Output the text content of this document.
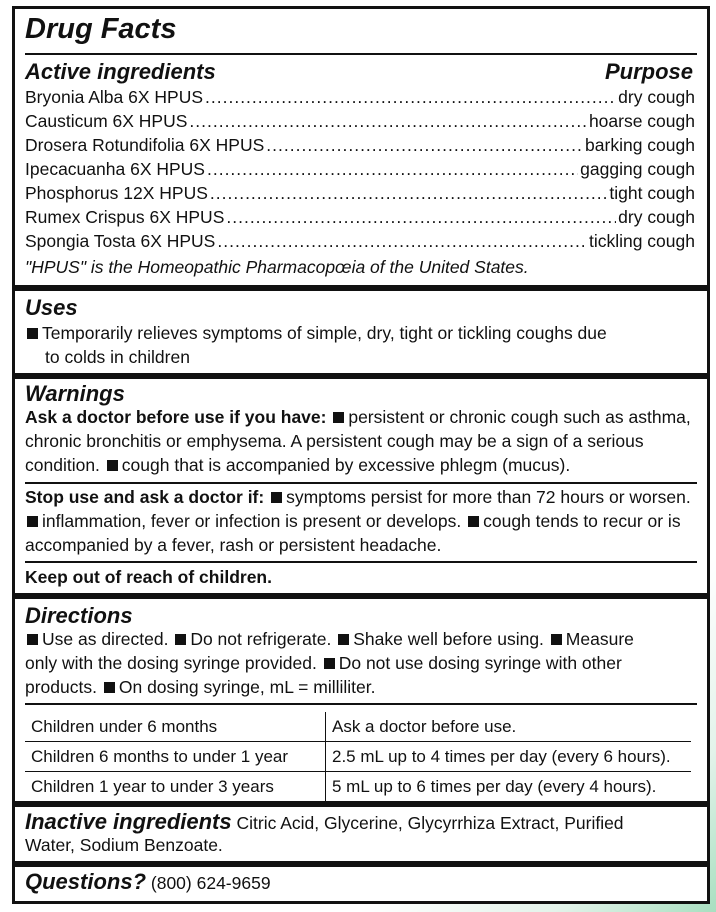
Drug Facts
Active ingredients	Purpose
Bryonia Alba 6X HPUS .....	dry cough
Causticum 6X HPUS .....	hoarse cough
Drosera Rotundifolia 6X HPUS .....	barking cough
Ipecacuanha 6X HPUS .....	gagging cough
Phosphorus 12X HPUS .....	tight cough
Rumex Crispus 6X HPUS .....	dry cough
Spongia Tosta 6X HPUS .....	tickling cough
"HPUS" is the Homeopathic Pharmacopœia of the United States.
Uses
Temporarily relieves symptoms of simple, dry, tight or tickling coughs due
to colds in children
Warnings
Ask a doctor before use if you have: persistent or chronic cough such as asthma,
chronic bronchitis or emphysema. A persistent cough may be a sign of a serious
condition. cough that is accompanied by excessive phlegm (mucus).
Stop use and ask a doctor if: symptoms persist for more than 72 hours or worsen.
inflammation, fever or infection is present or develops. cough tends to recur or is
accompanied by a fever, rash or persistent headache.
Keep out of reach of children.
Directions
Use as directed. Do not refrigerate. Shake well before using. Measure
only with the dosing syringe provided. Do not use dosing syringe with other
products. On dosing syringe, mL = milliliter.
Children under 6 months	Ask a doctor before use.
Children 6 months to under 1 year	2.5 mL up to 4 times per day (every 6 hours).
Children 1 year to under 3 years	5 mL up to 6 times per day (every 4 hours).
Inactive ingredients Citric Acid, Glycerine, Glycyrrhiza Extract, Purified
Water, Sodium Benzoate.
Questions? (800) 624-9659
